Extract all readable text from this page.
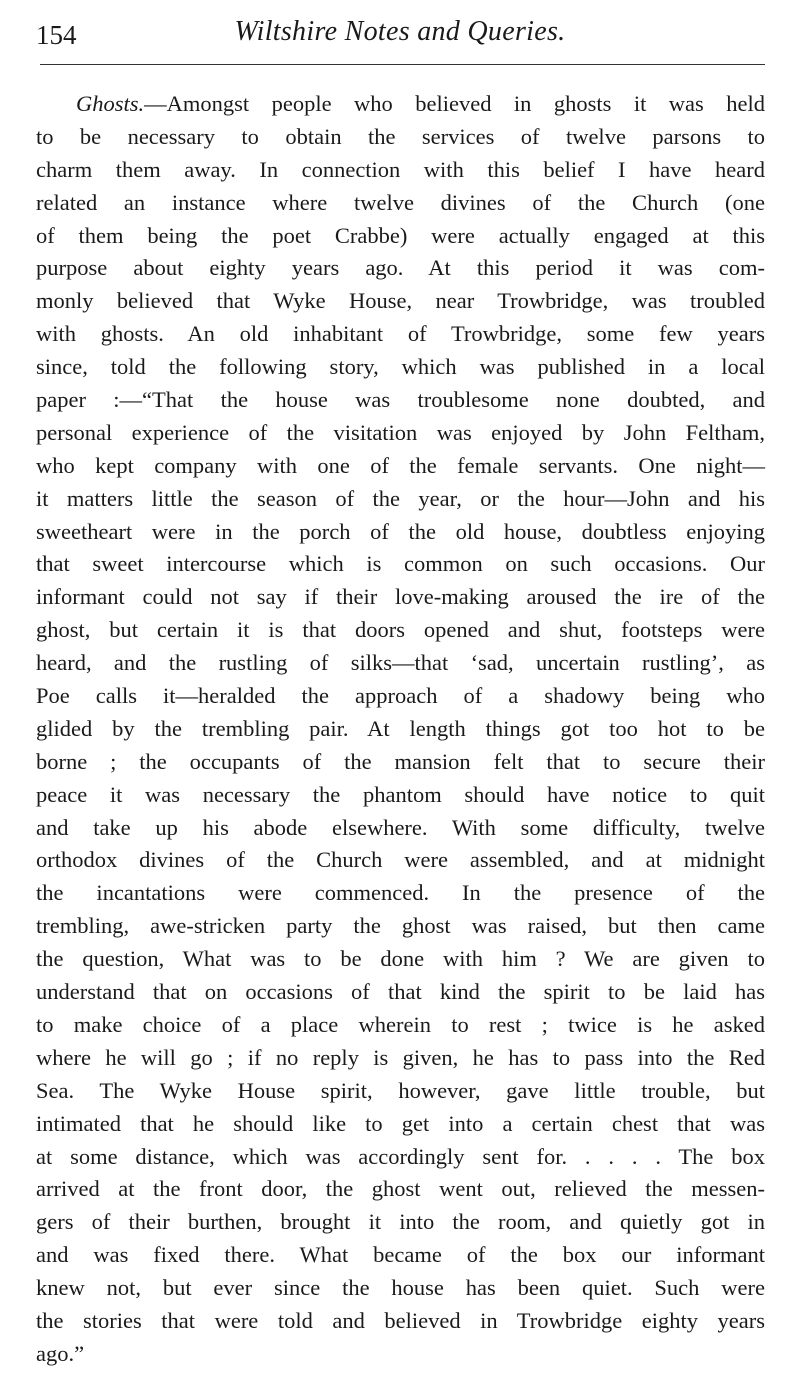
154	Wiltshire Notes and Queries.
Ghosts.—Amongst people who believed in ghosts it was held
to be necessary to obtain the services of twelve parsons to
charm them away. In connection with this belief I have heard
related an instance where twelve divines of the Church (one
of them being the poet Crabbe) were actually engaged at this
purpose about eighty years ago. At this period it was com-
monly believed that Wyke House, near Trowbridge, was troubled
with ghosts. An old inhabitant of Trowbridge, some few years
since, told the following story, which was published in a local
paper :—“That the house was troublesome none doubted, and
personal experience of the visitation was enjoyed by John Feltham,
who kept company with one of the female servants. One night—
it matters little the season of the year, or the hour—John and his
sweetheart were in the porch of the old house, doubtless enjoying
that sweet intercourse which is common on such occasions. Our
informant could not say if their love-making aroused the ire of the
ghost, but certain it is that doors opened and shut, footsteps were
heard, and the rustling of silks—that ‘sad, uncertain rustling’, as
Poe calls it—heralded the approach of a shadowy being who
glided by the trembling pair. At length things got too hot to be
borne ; the occupants of the mansion felt that to secure their
peace it was necessary the phantom should have notice to quit
and take up his abode elsewhere. With some difficulty, twelve
orthodox divines of the Church were assembled, and at midnight
the incantations were commenced. In the presence of the
trembling, awe-stricken party the ghost was raised, but then came
the question, What was to be done with him ? We are given to
understand that on occasions of that kind the spirit to be laid has
to make choice of a place wherein to rest ; twice is he asked
where he will go ; if no reply is given, he has to pass into the Red
Sea. The Wyke House spirit, however, gave little trouble, but
intimated that he should like to get into a certain chest that was
at some distance, which was accordingly sent for. . . . . The box
arrived at the front door, the ghost went out, relieved the messen-
gers of their burthen, brought it into the room, and quietly got in
and was fixed there. What became of the box our informant
knew not, but ever since the house has been quiet. Such were
the stories that were told and believed in Trowbridge eighty years
ago.”
